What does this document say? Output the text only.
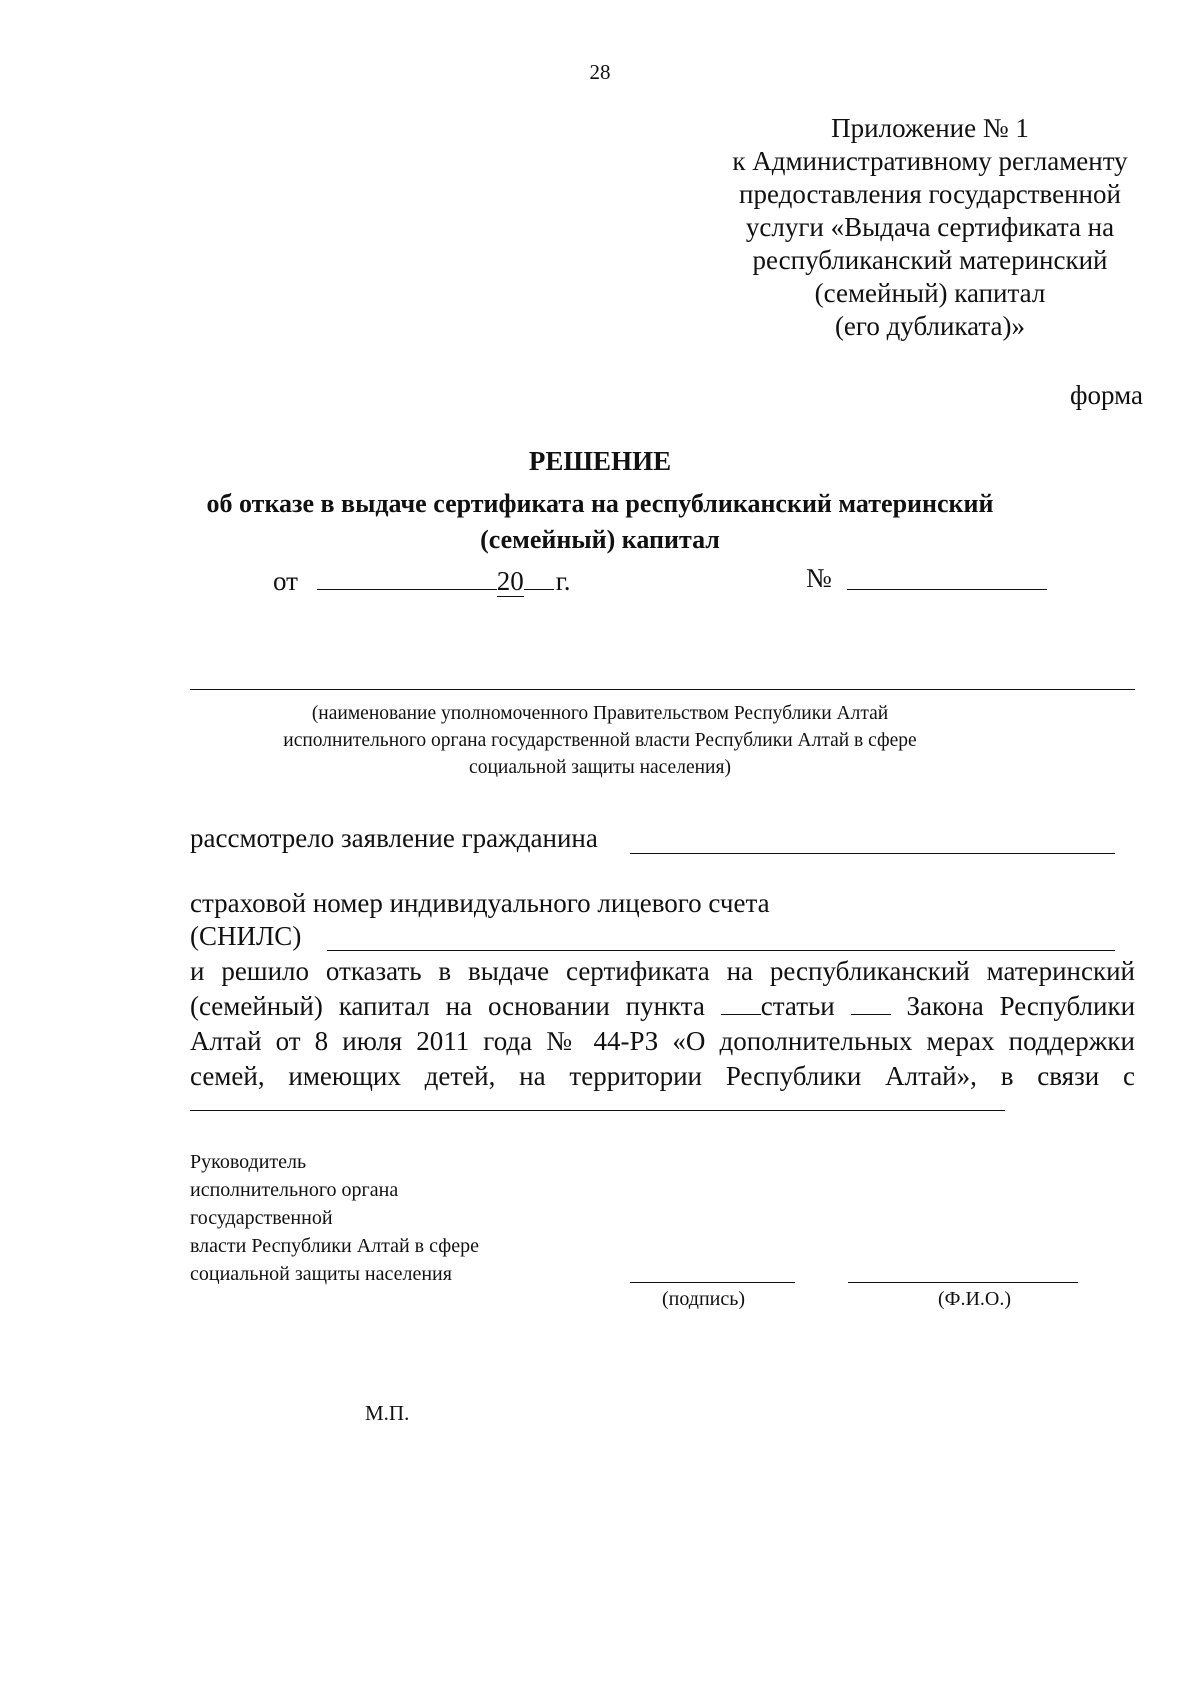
28
Приложение № 1
к Административному регламенту
предоставления государственной
услуги «Выдача сертификата на
республиканский материнский
(семейный) капитал
(его дубликата)»
форма
РЕШЕНИЕ
об отказе в выдаче сертификата на республиканский материнский
(семейный) капитал
от	20 г.	№
(наименование уполномоченного Правительством Республики Алтай
исполнительного органа государственной власти Республики Алтай в сфере
социальной защиты населения)
рассмотрело заявление гражданина
страховой номер индивидуального лицевого счета
(СНИЛС)
и решило отказать в выдаче сертификата на республиканский материнский
(семейный) капитал на основании пункта статьи	Закона Республики
Алтай от 8 июля 2011 года № 44-РЗ «О дополнительных мерах поддержки
семей, имеющих детей, на территории Республики Алтай», в связи с
Руководитель
исполнительного органа
государственной
власти Республики Алтай в сфере
социальной защиты населения
(подпись)	(Ф.И.О.)
М.П.
